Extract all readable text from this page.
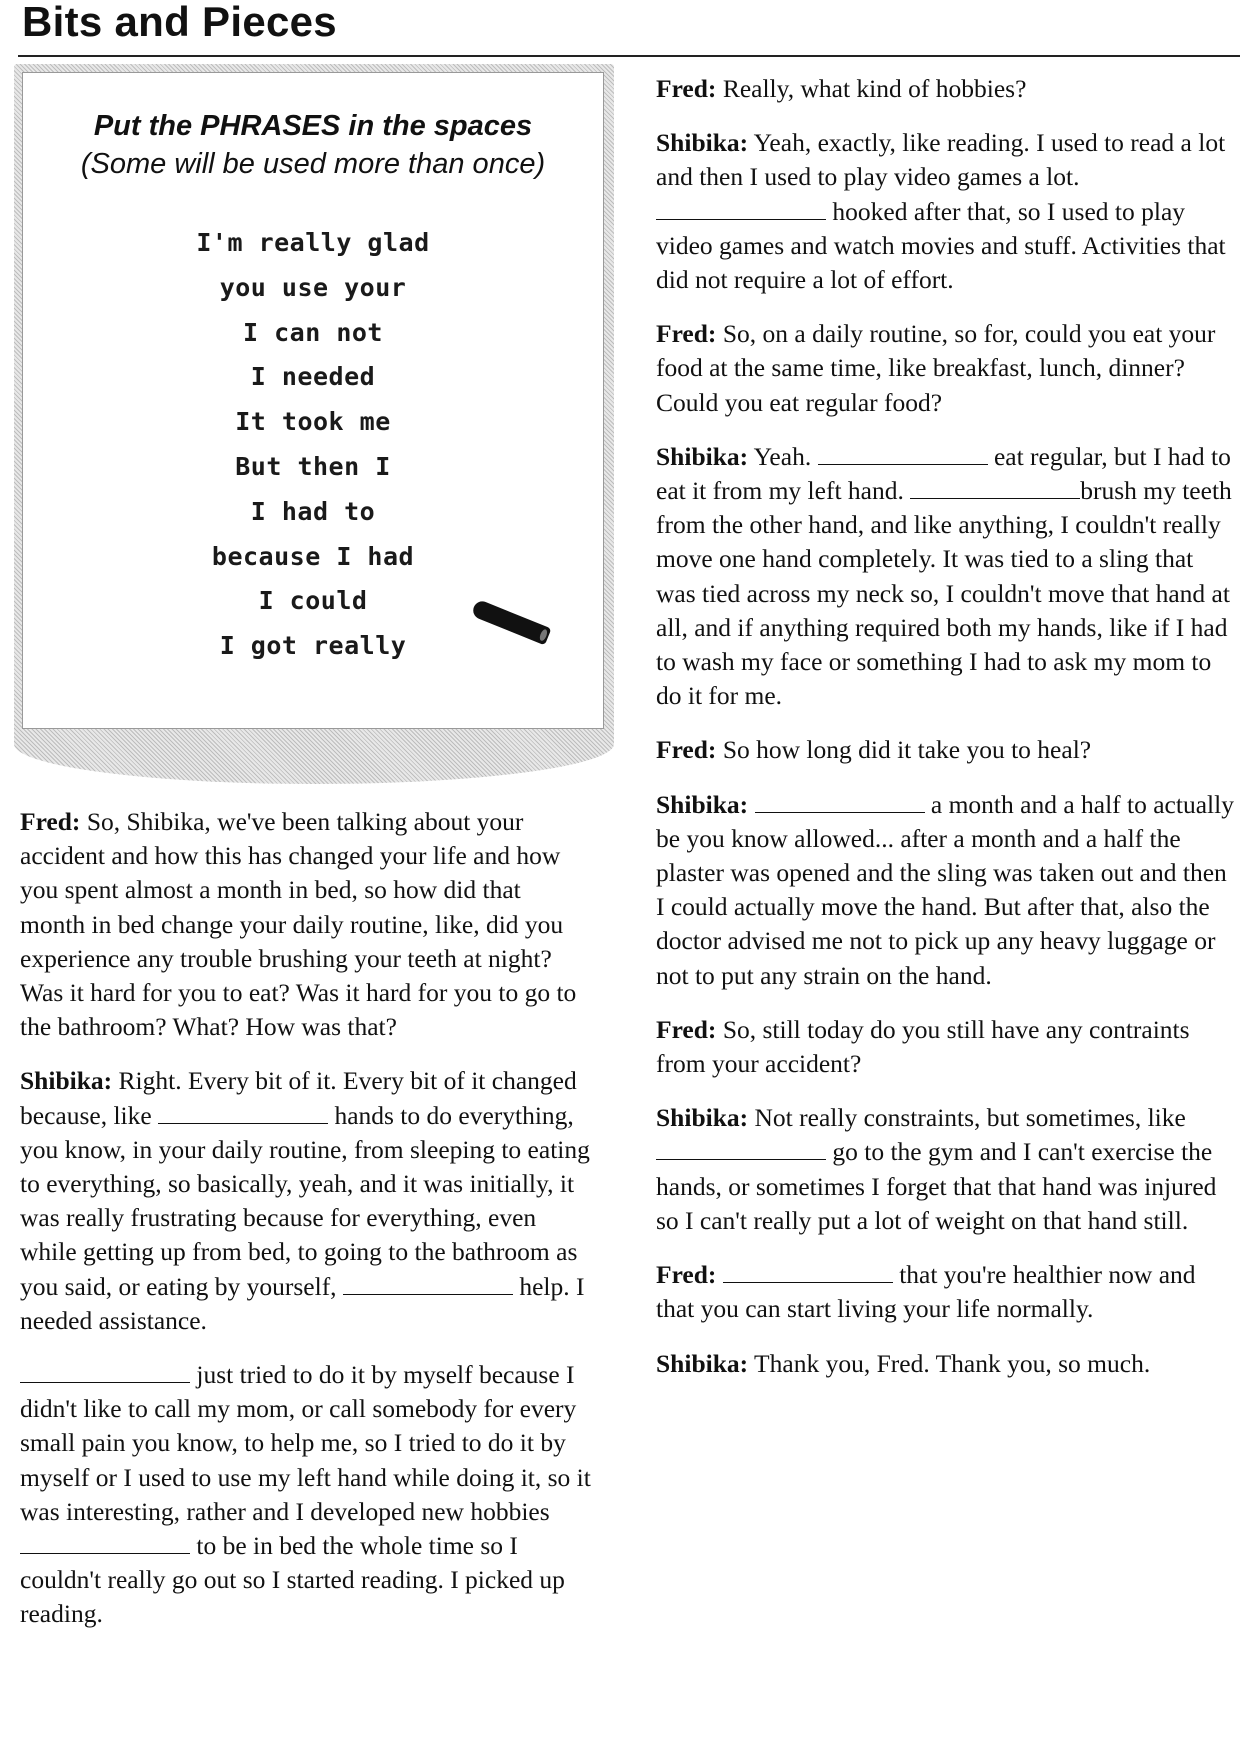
Bits and Pieces
Put the PHRASES in the spaces
(Some will be used more than once)
I'm really glad
you use your
I can not
I needed
It took me
But then I
I had to
because I had
I could
I got really

Fred: So, Shibika, we've been talking about your accident and how this has changed your life and how you spent almost a month in bed, so how did that month in bed change your daily routine, like, did you experience any trouble brushing your teeth at night? Was it hard for you to eat? Was it hard for you to go to the bathroom? What? How was that?

Shibika: Right. Every bit of it. Every bit of it changed because, like	hands to do everything, you know, in your daily routine, from sleeping to eating to everything, so basically, yeah, and it was initially, it was really frustrating because for everything, even while getting up from bed, to going to the bathroom as you said, or eating by yourself,	help. I needed assistance.

just tried to do it by myself because I didn't like to call my mom, or call somebody for every small pain you know, to help me, so I tried to do it by myself or I used to use my left hand while doing it, so it was interesting, rather and I developed new hobbies  to be in bed the whole time so I couldn't really go out so I started reading. I picked up reading.

Fred: Really, what kind of hobbies?

Shibika: Yeah, exactly, like reading. I used to read a lot and then I used to play video games a lot.  hooked after that, so I used to play video games and watch movies and stuff. Activities that did not require a lot of effort.

Fred: So, on a daily routine, so for, could you eat your food at the same time, like breakfast, lunch, dinner? Could you eat regular food?

Shibika: Yeah.	eat regular, but I had to eat it from my left hand.	brush my teeth from the other hand, and like anything, I couldn't really move one hand completely. It was tied to a sling that was tied across my neck so, I couldn't move that hand at all, and if anything required both my hands, like if I had to wash my face or something I had to ask my mom to do it for me.

Fred: So how long did it take you to heal?

Shibika:	a month and a half to actually be you know allowed... after a month and a half the plaster was opened and the sling was taken out and then I could actually move the hand. But after that, also the doctor advised me not to pick up any heavy luggage or not to put any strain on the hand.

Fred: So, still today do you still have any contraints from your accident?

Shibika: Not really constraints, but sometimes, like  go to the gym and I can't exercise the hands, or sometimes I forget that that hand was injured so I can't really put a lot of weight on that hand still.

Fred:	that you're healthier now and that you can start living your life normally.

Shibika: Thank you, Fred. Thank you, so much.
